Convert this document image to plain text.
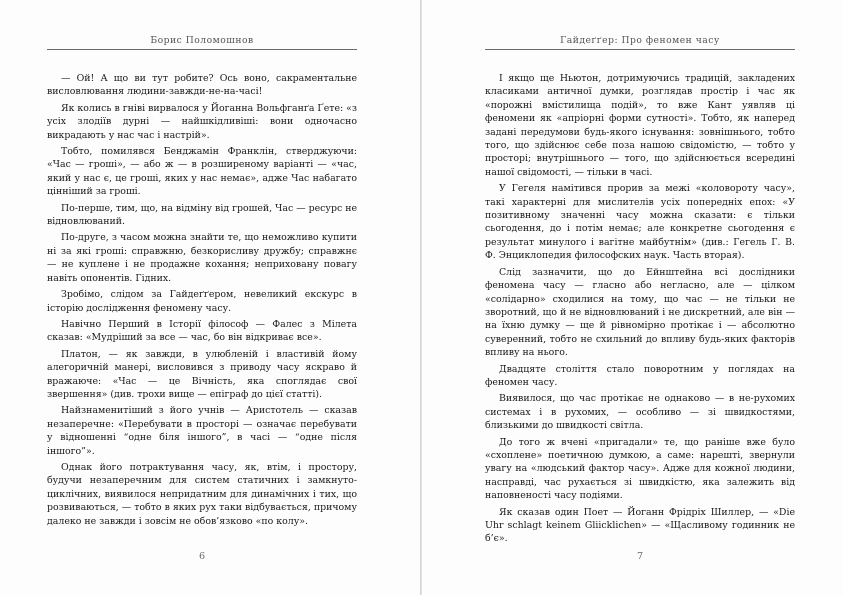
Борис Поломошнов

— Ой! А що ви тут робите? Ось воно, сакраментальне висловлювання людини-завжди-не-на-часі!

Як колись в гніві вирвалося у Йоганна Вольфганґа Ґете: «з усіх злодіїв дурні — найшкідливіші: вони одночасно викрадають у нас час і настрій».

Тобто, помилявся Бенджамін Франклін, стверджуючи: «Час — гроші», — або ж — в розширеному варіанті — «час, який у нас є, це гроші, яких у нас немає», адже Час набагато цінніший за гроші.

По-перше, тим, що, на відміну від грошей, Час — ресурс не відновлюваний.

По-друге, з часом можна знайти те, що неможливо купити ні за які гроші: справжню, безкорисливу дружбу; справжнє — не куплене і не продажне кохання; неприховану повагу навіть опонентів. Гідних.

Зробімо, слідом за Гайдеґґером, невеликий екскурс в історію дослідження феномену часу.

Навічно Перший в Історії філософ — Фалес з Мілета сказав: «Мудріший за все — час, бо він відкриває все».

Платон, — як завжди, в улюбленій і властивій йому алегоричній манері, висловився з приводу часу яскраво й вражаюче: «Час — це Вічність, яка споглядає свої звершення» (див. трохи вище — епіграф до цієї статті).

Найзнаменитіший з його учнів — Аристотель — сказав незаперечне: «Перебувати в просторі — означає перебувати у відношенні “одне біля іншого”, в часі — “одне після іншого”».

Однак його потрактування часу, як, втім, і простору, будучи незаперечним для систем статичних і замкнуто-циклічних, виявилося непридатним для динамічних і тих, що розвиваються, — тобто в яких рух таки відбувається, причому далеко не завжди і зовсім не обов’язково «по колу».

6
Гайдеґґер: Про феномен часу

І якщо ще Ньютон, дотримуючись традицій, закладених класиками античної думки, розглядав простір і час як «порожні вмістилища подій», то вже Кант уявляв ці феномени як «апріорні форми сутності». Тобто, як наперед задані передумови будь-якого існування: зовнішнього, тобто того, що здійснює себе поза нашою свідомістю, — тобто у просторі; внутрішнього — того, що здійснюється всередині нашої свідомості, — тільки в часі.

У Гегеля намітився прорив за межі «коловороту часу», такі характерні для мислителів усіх попередніх епох: «У позитивному значенні часу можна сказати: є тільки сьогодення, до і потім немає; але конкретне сьогодення є результат минулого і вагітне майбутнім» (див.: Гегель Г. В. Ф. Энциклопедия философских наук. Часть вторая).

Слід зазначити, що до Ейнштейна всі дослідники феномена часу — гласно або негласно, але — цілком «солідарно» сходилися на тому, що час — не тільки не зворотний, що й не відновлюваний і не дискретний, але він — на їхню думку — ще й рівномірно протікає і — абсолютно суверенний, тобто не схильний до впливу будь-яких факторів впливу на нього.

Двадцяте століття стало поворотним у поглядах на феномен часу.

Виявилося, що час протікає не однаково — в не-рухомих системах і в рухомих, — особливо — зі швидкостями, близькими до швидкості світла.

До того ж вчені «пригадали» те, що раніше вже було «схоплене» поетичною думкою, а саме: нарешті, звернули увагу на «людський фактор часу». Адже для кожної людини, насправді, час рухається зі швидкістю, яка залежить від наповненості часу подіями.

Як сказав один Поет — Йоганн Фрідріх Шиллер, — «Die Uhr schlagt keinem Gliicklichen» — «Щасливому годинник не б’є».

7
